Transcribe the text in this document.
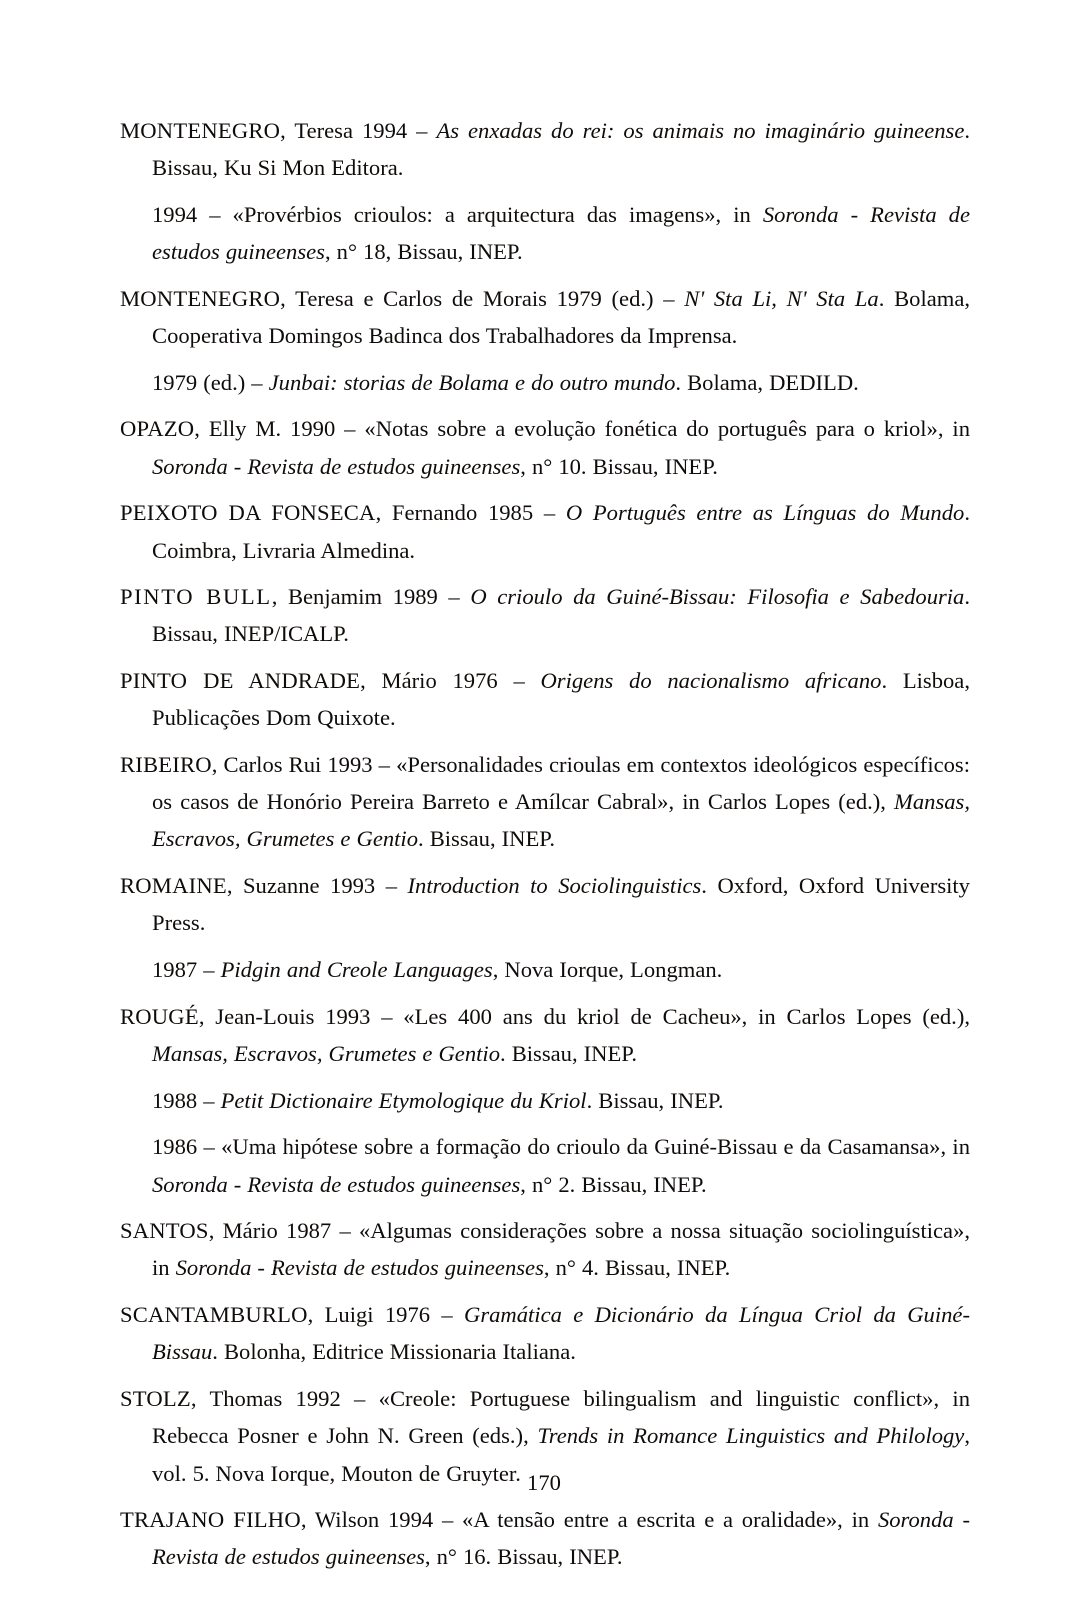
MONTENEGRO, Teresa 1994 – As enxadas do rei: os animais no imaginário guineense. Bissau, Ku Si Mon Editora.

1994 – «Provérbios crioulos: a arquitectura das imagens», in Soronda - Revista de estudos guineenses, n° 18, Bissau, INEP.

MONTENEGRO, Teresa e Carlos de Morais 1979 (ed.) – N' Sta Li, N' Sta La. Bolama, Cooperativa Domingos Badinca dos Trabalhadores da Imprensa.

1979 (ed.) – Junbai: storias de Bolama e do outro mundo. Bolama, DEDILD.

OPAZO, Elly M. 1990 – «Notas sobre a evolução fonética do português para o kriol», in Soronda - Revista de estudos guineenses, n° 10. Bissau, INEP.

PEIXOTO DA FONSECA, Fernando 1985 – O Português entre as Línguas do Mundo. Coimbra, Livraria Almedina.

PINTO BULL, Benjamim 1989 – O crioulo da Guiné-Bissau: Filosofia e Sabedouria. Bissau, INEP/ICALP.

PINTO DE ANDRADE, Mário 1976 – Origens do nacionalismo africano. Lisboa, Publicações Dom Quixote.

RIBEIRO, Carlos Rui 1993 – «Personalidades crioulas em contextos ideológicos específicos: os casos de Honório Pereira Barreto e Amílcar Cabral», in Carlos Lopes (ed.), Mansas, Escravos, Grumetes e Gentio. Bissau, INEP.

ROMAINE, Suzanne 1993 – Introduction to Sociolinguistics. Oxford, Oxford University Press.

1987 – Pidgin and Creole Languages, Nova Iorque, Longman.

ROUGÉ, Jean-Louis 1993 – «Les 400 ans du kriol de Cacheu», in Carlos Lopes (ed.), Mansas, Escravos, Grumetes e Gentio. Bissau, INEP.

1988 – Petit Dictionaire Etymologique du Kriol. Bissau, INEP.

1986 – «Uma hipótese sobre a formação do crioulo da Guiné-Bissau e da Casamansa», in Soronda - Revista de estudos guineenses, n° 2. Bissau, INEP.

SANTOS, Mário 1987 – «Algumas considerações sobre a nossa situação sociolinguística», in Soronda - Revista de estudos guineenses, n° 4. Bissau, INEP.

SCANTAMBURLO, Luigi 1976 – Gramática e Dicionário da Língua Criol da Guiné-Bissau. Bolonha, Editrice Missionaria Italiana.

STOLZ, Thomas 1992 – «Creole: Portuguese bilingualism and linguistic conflict», in Rebecca Posner e John N. Green (eds.), Trends in Romance Linguistics and Philology, vol. 5. Nova Iorque, Mouton de Gruyter.

TRAJANO FILHO, Wilson 1994 – «A tensão entre a escrita e a oralidade», in Soronda - Revista de estudos guineenses, n° 16. Bissau, INEP.

170
